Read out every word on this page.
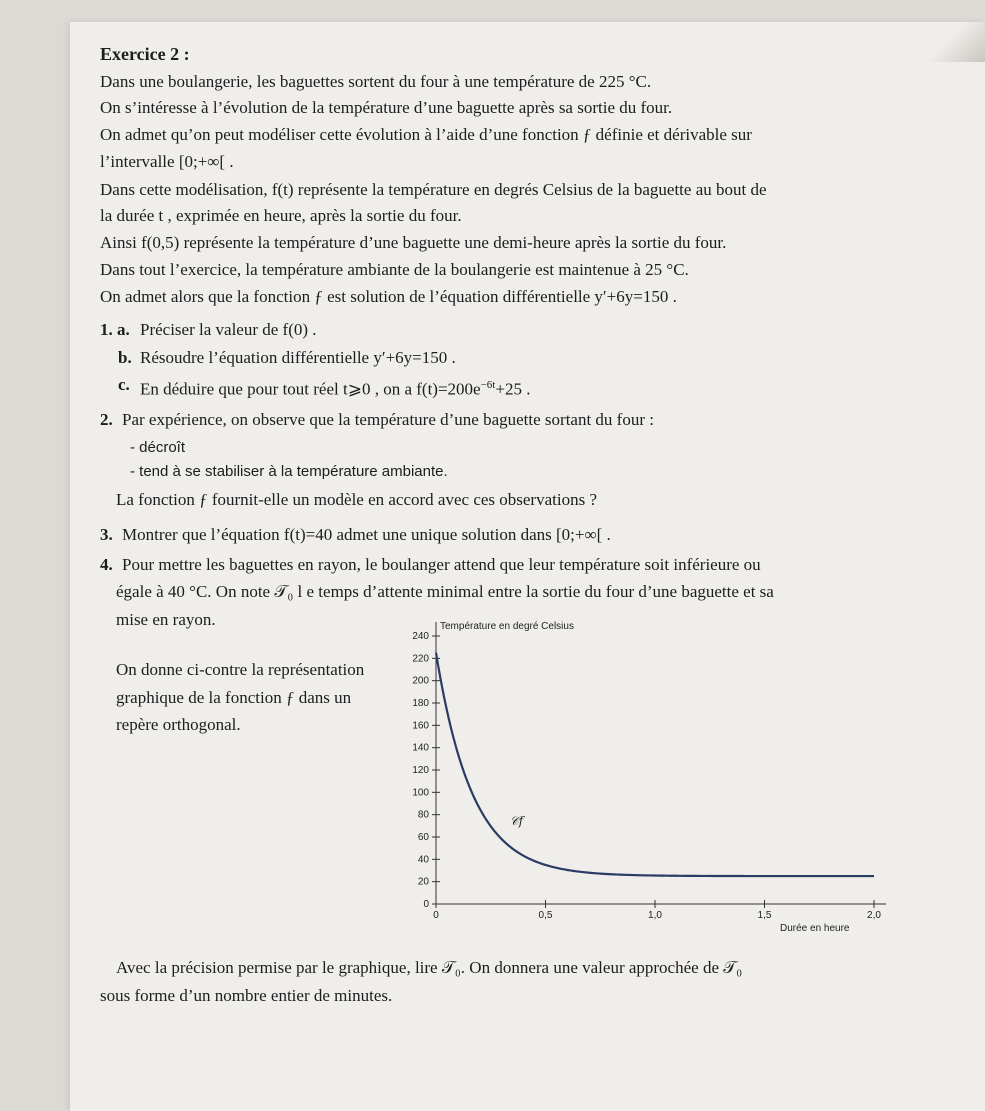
Exercice 2 :
Dans une boulangerie, les baguettes sortent du four à une température de 225 °C.
On s’intéresse à l’évolution de la température d’une baguette après sa sortie du four.
On admet qu’on peut modéliser cette évolution à l’aide d’une fonction ƒ définie et dérivable sur
l’intervalle [0;+∞[ .
Dans cette modélisation, f(t) représente la température en degrés Celsius de la baguette au bout de
la durée t , exprimée en heure, après la sortie du four.
Ainsi f(0,5) représente la température d’une baguette une demi-heure après la sortie du four.
Dans tout l’exercice, la température ambiante de la boulangerie est maintenue à 25 °C.
On admet alors que la fonction ƒ est solution de l’équation différentielle y′+6y=150 .
1. a. Préciser la valeur de f(0) .
b. Résoudre l’équation différentielle y′+6y=150 .
c. En déduire que pour tout réel t⩾0 , on a $f(t)=200e^{-6t}+25$ .
2. Par expérience, on observe que la température d’une baguette sortant du four :
- décroît
- tend à se stabiliser à la température ambiante.
La fonction ƒ fournit-elle un modèle en accord avec ces observations ?
3. Montrer que l’équation f(t)=40 admet une unique solution dans [0;+∞[ .
4. Pour mettre les baguettes en rayon, le boulanger attend que leur température soit inférieure ou
égale à 40 °C. On note 𝒯₀ l e temps d’attente minimal entre la sortie du four d’une baguette et sa
mise en rayon.
On donne ci-contre la représentation
graphique de la fonction ƒ dans un
repère orthogonal.
0
20
40
60
80
100
120
140
160
180
200
220
240
0	0,5	1,0	1,5	2,0
Température en degré Celsius
Durée en heure
𝒞f
Avec la précision permise par le graphique, lire 𝒯₀. On donnera une valeur approchée de 𝒯₀
sous forme d’un nombre entier de minutes.
